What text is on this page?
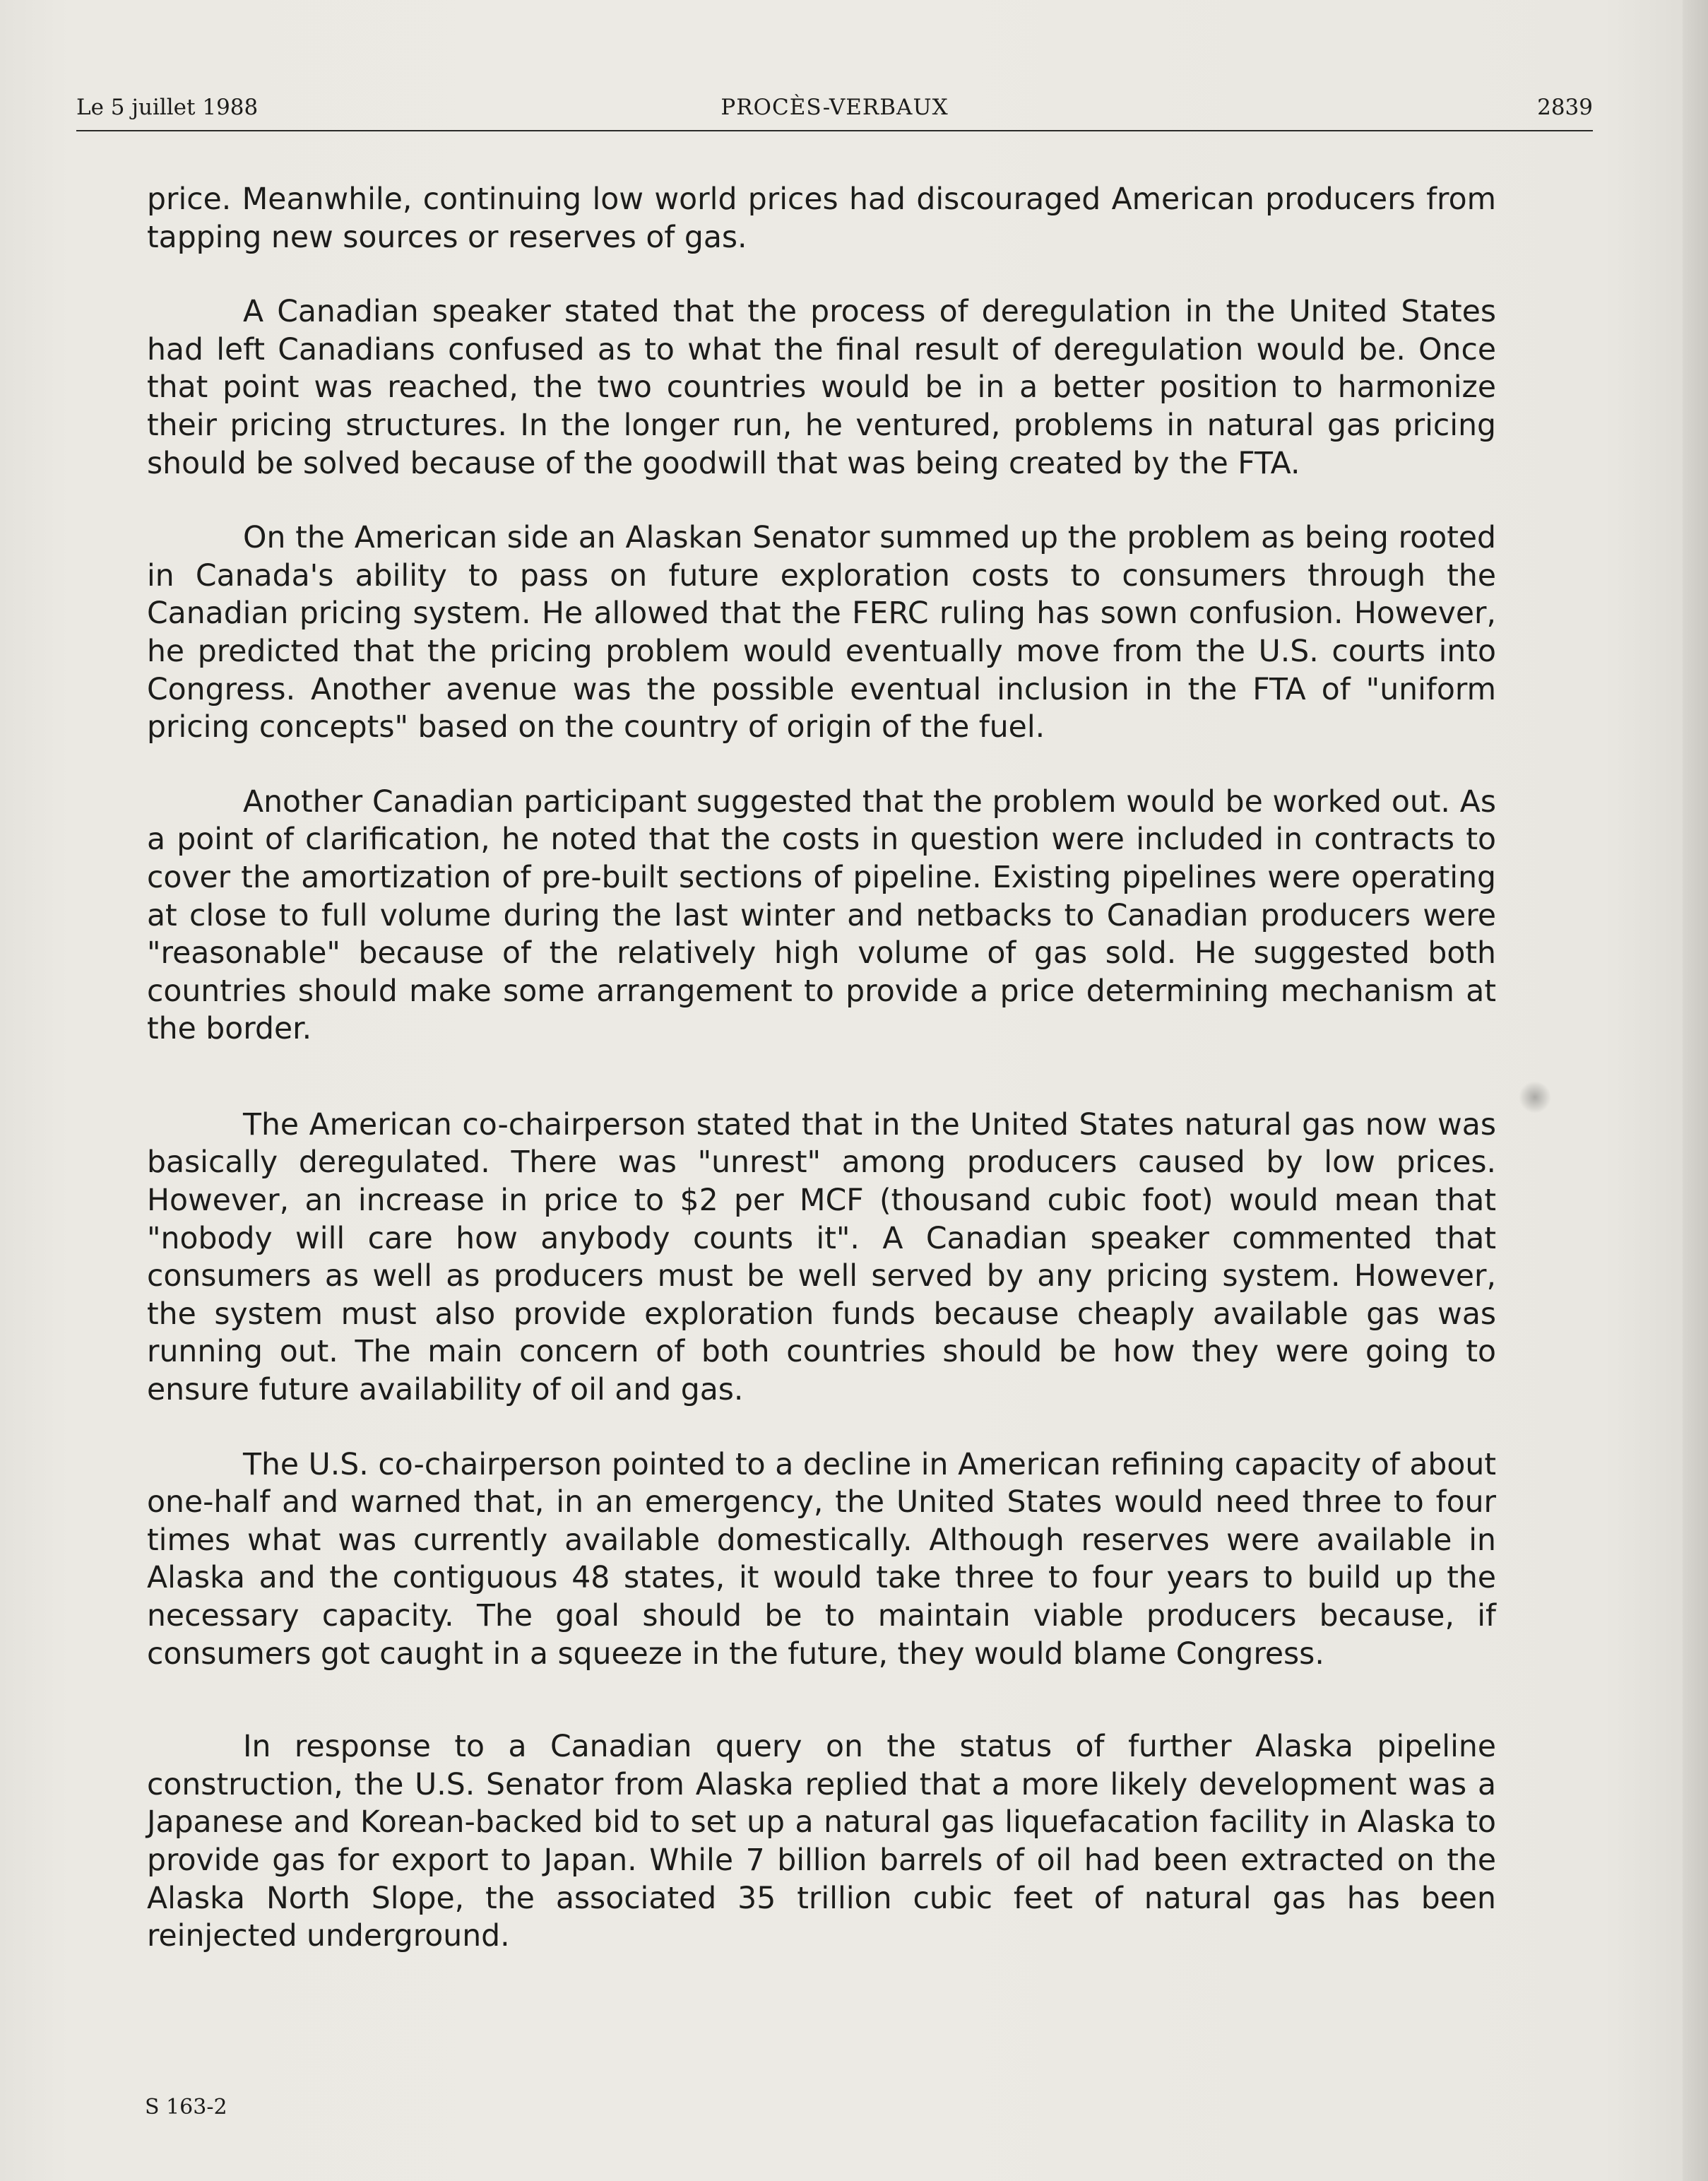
Le 5 juillet 1988	PROCÈS-VERBAUX	2839

price. Meanwhile, continuing low world prices had discouraged American producers from tapping new sources or reserves of gas.

A Canadian speaker stated that the process of deregulation in the United States had left Canadians confused as to what the final result of deregulation would be. Once that point was reached, the two countries would be in a better position to harmonize their pricing structures. In the longer run, he ventured, problems in natural gas pricing should be solved because of the goodwill that was being created by the FTA.

On the American side an Alaskan Senator summed up the problem as being rooted in Canada's ability to pass on future exploration costs to consumers through the Canadian pricing system. He allowed that the FERC ruling has sown confusion. However, he predicted that the pricing problem would eventually move from the U.S. courts into Congress. Another avenue was the possible eventual inclusion in the FTA of "uniform pricing concepts" based on the country of origin of the fuel.

Another Canadian participant suggested that the problem would be worked out. As a point of clarification, he noted that the costs in question were included in contracts to cover the amortization of pre-built sections of pipeline. Existing pipelines were operating at close to full volume during the last winter and netbacks to Canadian producers were "reasonable" because of the relatively high volume of gas sold. He suggested both countries should make some arrangement to provide a price determining mechanism at the border.

The American co-chairperson stated that in the United States natural gas now was basically deregulated. There was "unrest" among producers caused by low prices. However, an increase in price to $2 per MCF (thousand cubic foot) would mean that "nobody will care how anybody counts it". A Canadian speaker commented that consumers as well as producers must be well served by any pricing system. However, the system must also provide exploration funds because cheaply available gas was running out. The main concern of both countries should be how they were going to ensure future availability of oil and gas.

The U.S. co-chairperson pointed to a decline in American refining capacity of about one-half and warned that, in an emergency, the United States would need three to four times what was currently available domestically. Although reserves were available in Alaska and the contiguous 48 states, it would take three to four years to build up the necessary capacity. The goal should be to maintain viable producers because, if consumers got caught in a squeeze in the future, they would blame Congress.

In response to a Canadian query on the status of further Alaska pipeline construction, the U.S. Senator from Alaska replied that a more likely development was a Japanese and Korean-backed bid to set up a natural gas liquefacation facility in Alaska to provide gas for export to Japan. While 7 billion barrels of oil had been extracted on the Alaska North Slope, the associated 35 trillion cubic feet of natural gas has been reinjected underground.

S 163-2
